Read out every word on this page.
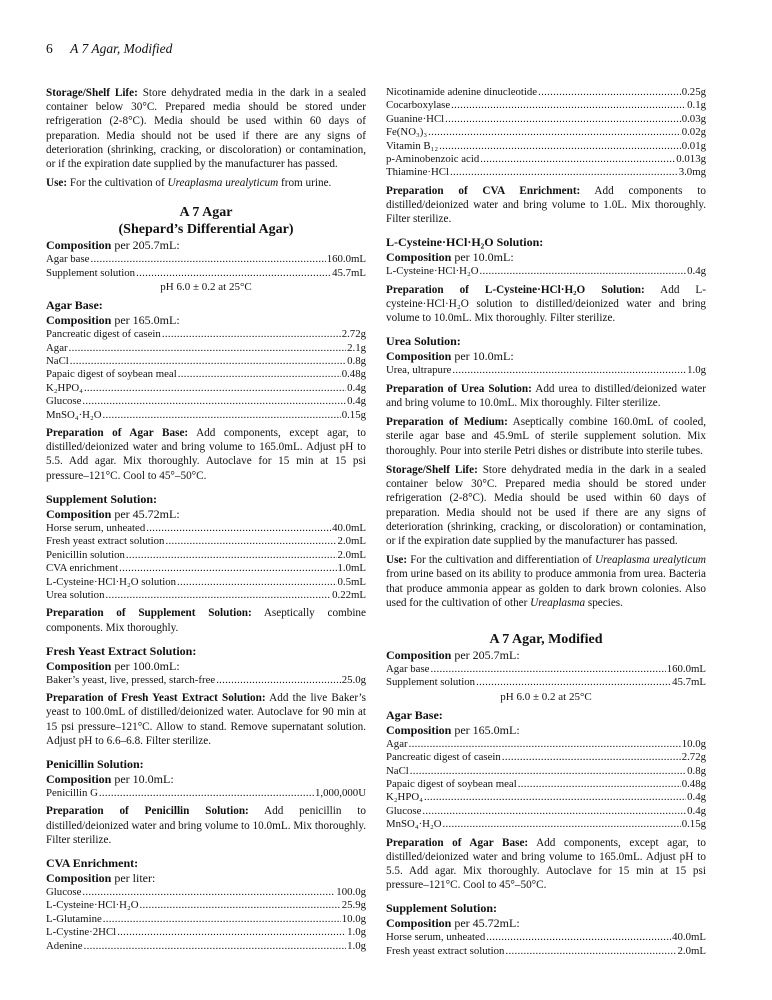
6 A 7 Agar, Modified

Storage/Shelf Life: Store dehydrated media in the dark in a sealed container below 30°C. Prepared media should be stored under refrigeration (2-8°C). Media should be used within 60 days of preparation. Media should not be used if there are any signs of deterioration (shrinking, cracking, or discoloration) or contamination, or if the expiration date supplied by the manufacturer has passed.

Use: For the cultivation of Ureaplasma urealyticum from urine.

A 7 Agar

(Shepard’s Differential Agar)

Composition per 205.7mL:

Agar base .....	160.0mL
Supplement solution .....	45.7mL
pH 6.0 ± 0.2 at 25°C

Agar Base:

Composition per 165.0mL:

Pancreatic digest of casein .....	2.72g
Agar .....	2.1g
NaCl .....	0.8g
Papaic digest of soybean meal .....	0.48g
K₂HPO₄ .....	0.4g
Glucose .....	0.4g
MnSO₄·H₂O .....	0.15g

Preparation of Agar Base: Add components, except agar, to distilled/deionized water and bring volume to 165.0mL. Adjust pH to 5.5. Add agar. Mix thoroughly. Autoclave for 15 min at 15 psi pressure–121°C. Cool to 45°–50°C.

Supplement Solution:

Composition per 45.72mL:

Horse serum, unheated .....	40.0mL
Fresh yeast extract solution .....	2.0mL
Penicillin solution .....	2.0mL
CVA enrichment .....	1.0mL
L-Cysteine·HCl·H₂O solution .....	0.5mL
Urea solution .....	0.22mL

Preparation of Supplement Solution: Aseptically combine components. Mix thoroughly.

Fresh Yeast Extract Solution:

Composition per 100.0mL:

Baker’s yeast, live, pressed, starch-free .....	25.0g

Preparation of Fresh Yeast Extract Solution: Add the live Baker’s yeast to 100.0mL of distilled/deionized water. Autoclave for 90 min at 15 psi pressure–121°C. Allow to stand. Remove supernatant solution. Adjust pH to 6.6–6.8. Filter sterilize.

Penicillin Solution:

Composition per 10.0mL:

Penicillin G .....	1,000,000U

Preparation of Penicillin Solution: Add penicillin to distilled/deionized water and bring volume to 10.0mL. Mix thoroughly. Filter sterilize.

CVA Enrichment:

Composition per liter:

Glucose .....	100.0g
L-Cysteine·HCl·H₂O .....	25.9g
L-Glutamine .....	10.0g
L-Cystine·2HCl .....	1.0g
Adenine .....	1.0g
Nicotinamide adenine dinucleotide .....	0.25g
Cocarboxylase .....	0.1g
Guanine·HCl .....	0.03g
Fe(NO₃)₃ .....	0.02g
Vitamin B₁₂ .....	0.01g
p-Aminobenzoic acid .....	0.013g
Thiamine·HCl .....	3.0mg

Preparation of CVA Enrichment: Add components to distilled/deionized water and bring volume to 1.0L. Mix thoroughly. Filter sterilize.

L-Cysteine·HCl·H₂O Solution:

Composition per 10.0mL:

L-Cysteine·HCl·H₂O .....	0.4g

Preparation of L-Cysteine·HCl·H₂O Solution: Add L-cysteine·HCl·H₂O solution to distilled/deionized water and bring volume to 10.0mL. Mix thoroughly. Filter sterilize.

Urea Solution:

Composition per 10.0mL:

Urea, ultrapure .....	1.0g

Preparation of Urea Solution: Add urea to distilled/deionized water and bring volume to 10.0mL. Mix thoroughly. Filter sterilize.

Preparation of Medium: Aseptically combine 160.0mL of cooled, sterile agar base and 45.9mL of sterile supplement solution. Mix thoroughly. Pour into sterile Petri dishes or distribute into sterile tubes.

Storage/Shelf Life: Store dehydrated media in the dark in a sealed container below 30°C. Prepared media should be stored under refrigeration (2-8°C). Media should be used within 60 days of preparation. Media should not be used if there are any signs of deterioration (shrinking, cracking, or discoloration) or contamination, or if the expiration date supplied by the manufacturer has passed.

Use: For the cultivation and differentiation of Ureaplasma urealyticum from urine based on its ability to produce ammonia from urea. Bacteria that produce ammonia appear as golden to dark brown colonies. Also used for the cultivation of other Ureaplasma species.

A 7 Agar, Modified

Composition per 205.7mL:

Agar base .....	160.0mL
Supplement solution .....	45.7mL
pH 6.0 ± 0.2 at 25°C

Agar Base:

Composition per 165.0mL:

Agar .....	10.0g
Pancreatic digest of casein .....	2.72g
NaCl .....	0.8g
Papaic digest of soybean meal .....	0.48g
K₂HPO₄ .....	0.4g
Glucose .....	0.4g
MnSO₄·H₂O .....	0.15g

Preparation of Agar Base: Add components, except agar, to distilled/deionized water and bring volume to 165.0mL. Adjust pH to 5.5. Add agar. Mix thoroughly. Autoclave for 15 min at 15 psi pressure–121°C. Cool to 45°–50°C.

Supplement Solution:

Composition per 45.72mL:

Horse serum, unheated .....	40.0mL
Fresh yeast extract solution .....	2.0mL
